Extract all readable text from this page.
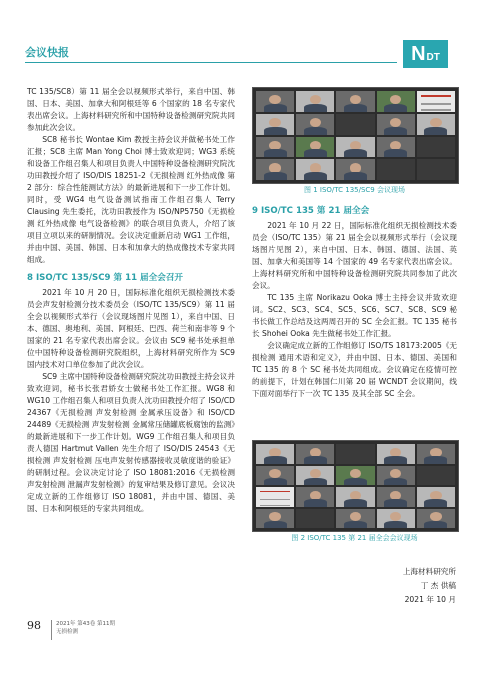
会议快报	N DT

TC 135/SC8）第 11 届全会以视频形式举行，来自中国、韩国、日本、美国、加拿大和阿根廷等 6 个国家的 18 名专家代表出席会议。上海材料研究所和中国特种设备检测研究院共同参加此次会议。

SC8 秘书长 Wontae Kim 教授主持会议并做秘书处工作汇报；SC8 主席 Man Yong Choi 博士致欢迎词；WG3 系统和设备工作组召集人和项目负责人中国特种设备检测研究院沈功田教授介绍了 ISO/DIS 18251-2《无损检测 红外热成像 第 2 部分：综合性能测试方法》的最新进展和下一步工作计划。同时，受 WG4 电气设备测试指南工作组召集人 Terry Clausing 先生委托，沈功田教授作为 ISO/NP5750《无损检测 红外热成像 电气设备检测》的联合项目负责人，介绍了该项目立项以来的研制情况。会议决定重新启动 WG1 工作组，并由中国、美国、韩国、日本和加拿大的热成像技术专家共同组成。

8 ISO/TC 135/SC9 第 11 届全会召开

2021 年 10 月 20 日，国际标准化组织无损检测技术委员会声发射检测分技术委员会（ISO/TC 135/SC9）第 11 届全会以视频形式举行（会议现场图片见图 1），来自中国、日本、德国、奥地利、美国、阿根廷、巴西、荷兰和南非等 9 个国家的 21 名专家代表出席会议。会议由 SC9 秘书处承担单位中国特种设备检测研究院组织，上海材料研究所作为 SC9 国内技术对口单位参加了此次会议。

SC9 主席中国特种设备检测研究院沈功田教授主持会议并致欢迎词，秘书长张君娇女士做秘书处工作汇报。WG8 和 WG10 工作组召集人和项目负责人沈功田教授介绍了 ISO/CD 24367《无损检测 声发射检测 金属承压设备》和 ISO/CD 24489《无损检测 声发射检测 金属常压储罐底板腐蚀的监测》的最新进展和下一步工作计划。WG9 工作组召集人和项目负责人德国 Hartmut Vallen 先生介绍了 ISO/DIS 24543《无损检测 声发射检测 压电声发射传感器接收灵敏度谐的验证》的研制过程。会议决定讨论了 ISO 18081:2016《无损检测 声发射检测 泄漏声发射检测》的复审结果及修订意见。会议决定成立新的工作组修订 ISO 18081，并由中国、德国、美国、日本和阿根廷的专家共同组成。

图 1 ISO/TC 135/SC9 会议现场
9 ISO/TC 135 第 21 届全会

2021 年 10 月 22 日，国际标准化组织无损检测技术委员会（ISO/TC 135）第 21 届全会以视频形式举行（会议现场图片见图 2），来自中国、日本、韩国、德国、法国、英国、加拿大和美国等 14 个国家的 49 名专家代表出席会议。上海材料研究所和中国特种设备检测研究院共同参加了此次会议。

TC 135 主席 Norikazu Ooka 博士主持会议并致欢迎词。SC2、SC3、SC4、SC5、SC6、SC7、SC8、SC9 秘书长做工作总结及这两周召开的 SC 全会汇报。TC 135 秘书长 Shohei Ooka 先生做秘书处工作汇报。

会议确定成立新的工作组修订 ISO/TS 18173:2005《无损检测 通用术语和定义》，并由中国、日本、德国、美国和 TC 135 的 8 个 SC 秘书处共同组成。会议确定在疫情可控的前提下，计划在韩国仁川第 20 届 WCNDT 会议期间，线下面对面举行下一次 TC 135 及其全部 SC 全会。

图 2 ISO/TC 135 第 21 届全会会议现场
上海材料研究所
丁 杰 供稿
2021 年 10 月
98	2021年 第43卷 第11期
无损检测
